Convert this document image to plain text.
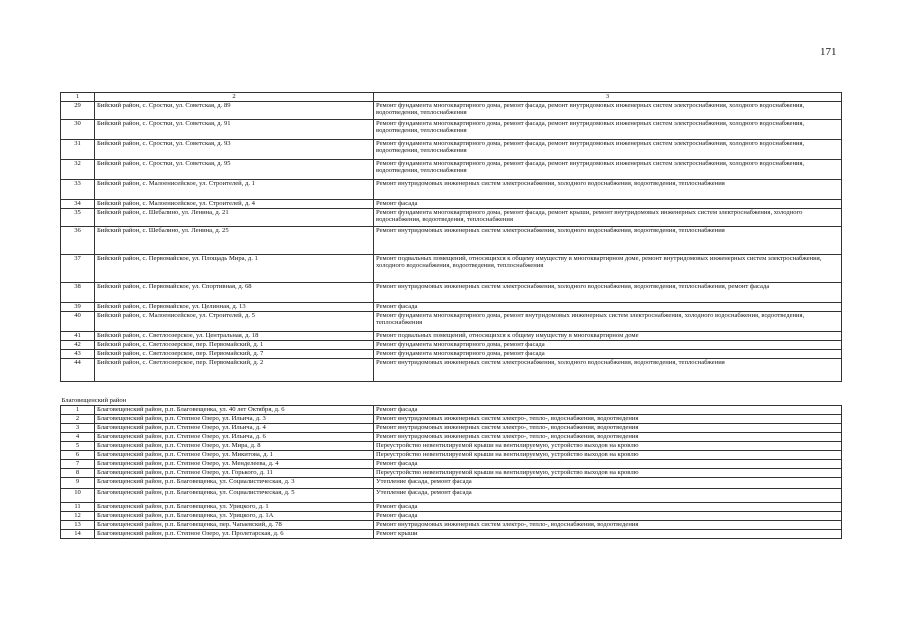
171
1	2	3
29	Бийский район, с. Сростки, ул. Советская, д. 89	Ремонт фундамента многоквартирного дома, ремонт фасада, ремонт внутридомовых инженерных систем электроснабжения, холодного водоснабжения, водоотведения, теплоснабжения
30	Бийский район, с. Сростки, ул. Советская, д. 91	Ремонт фундамента многоквартирного дома, ремонт фасада, ремонт внутридомовых инженерных систем электроснабжения, холодного водоснабжения, водоотведения, теплоснабжения
31	Бийский район, с. Сростки, ул. Советская, д. 93	Ремонт фундамента многоквартирного дома, ремонт фасада, ремонт внутридомовых инженерных систем электроснабжения, холодного водоснабжения, водоотведения, теплоснабжения
32	Бийский район, с. Сростки, ул. Советская, д. 95	Ремонт фундамента многоквартирного дома, ремонт фасада, ремонт внутридомовых инженерных систем электроснабжения, холодного водоснабжения, водоотведения, теплоснабжения
33	Бийский район, с. Малоенисейское, ул. Строителей, д. 1	Ремонт внутридомовых инженерных систем электроснабжения, холодного водоснабжения, водоотведения, теплоснабжения
34	Бийский район, с. Малоенисейское, ул. Строителей, д. 4	Ремонт фасада
35	Бийский район, с. Шебалино, ул. Ленина, д. 21	Ремонт фундамента многоквартирного дома, ремонт фасада, ремонт крыши, ремонт внутридомовых инженерных систем электроснабжения, холодного водоснабжения, водоотведения, теплоснабжения
36	Бийский район, с. Шебалино, ул. Ленина, д. 25	Ремонт внутридомовых инженерных систем электроснабжения, холодного водоснабжения, водоотведения, теплоснабжения
37	Бийский район, с. Первомайское, ул. Площадь Мира, д. 1	Ремонт подвальных помещений, относящихся к общему имуществу в многоквартирном доме, ремонт внутридомовых инженерных систем электроснабжения, холодного водоснабжения, водоотведения, теплоснабжения
38	Бийский район, с. Первомайское, ул. Спортивная, д. 68	Ремонт внутридомовых инженерных систем электроснабжения, холодного водоснабжения, водоотведения, теплоснабжения, ремонт фасада
39	Бийский район, с. Первомайское, ул. Целинная, д. 13	Ремонт фасада
40	Бийский район, с. Малоенисейское, ул. Строителей, д. 5	Ремонт фундамента многоквартирного дома, ремонт внутридомовых инженерных систем электроснабжения, холодного водоснабжения, водоотведения, теплоснабжения
41	Бийский район, с. Светлоозерское, ул. Центральная, д. 18	Ремонт подвальных помещений, относящихся к общему имуществу в многоквартирном доме
42	Бийский район, с. Светлоозерское, пер. Первомайский, д. 1	Ремонт фундамента многоквартирного дома, ремонт фасада
43	Бийский район, с. Светлоозерское, пер. Первомайский, д. 7	Ремонт фундамента многоквартирного дома, ремонт фасада
44	Бийский район, с. Светлоозерское, пер. Первомайский, д. 2	Ремонт внутридомовых инженерных систем электроснабжения, холодного водоснабжения, водоотведения, теплоснабжения
Благовещенский район		
1	Благовещенский район, р.п. Благовещенка, ул. 40 лет Октября, д. 6	Ремонт фасада
2	Благовещенский район, р.п. Степное Озеро, ул. Ильича, д. 3	Ремонт внутридомовых инженерных систем электро-, тепло-, водоснабжения, водоотведения
3	Благовещенский район, р.п. Степное Озеро, ул. Ильича, д. 4	Ремонт внутридомовых инженерных систем электро-, тепло-, водоснабжения, водоотведения
4	Благовещенский район, р.п. Степное Озеро, ул. Ильича, д. 6	Ремонт внутридомовых инженерных систем электро-, тепло-, водоснабжения, водоотведения
5	Благовещенский район, р.п. Степное Озеро, ул. Мира, д. 8	Переустройство невентилируемой крыши на вентилируемую, устройство выходов на кровлю
6	Благовещенский район, р.п. Степное Озеро, ул. Микитова, д. 1	Переустройство невентилируемой крыши на вентилируемую, устройство выходов на кровлю
7	Благовещенский район, р.п. Степное Озеро, ул. Менделеева, д. 4	Ремонт фасада
8	Благовещенский район, р.п. Степное Озеро, ул. Горького, д. 11	Переустройство невентилируемой крыши на вентилируемую, устройство выходов на кровлю
9	Благовещенский район, р.п. Благовещенка, ул. Социалистическая, д. 3	Утепление фасада, ремонт фасада
10	Благовещенский район, р.п. Благовещенка, ул. Социалистическая, д. 5	Утепление фасада, ремонт фасада
11	Благовещенский район, р.п. Благовещенка, ул. Урицкого, д. 1	Ремонт фасада
12	Благовещенский район, р.п. Благовещенка, ул. Урицкого, д. 1А	Ремонт фасада
13	Благовещенский район, р.п. Благовещенка, пер. Чапаевский, д. 78	Ремонт внутридомовых инженерных систем электро-, тепло-, водоснабжения, водоотведения
14	Благовещенский район, р.п. Степное Озеро, ул. Пролетарская, д. 6	Ремонт крыши
